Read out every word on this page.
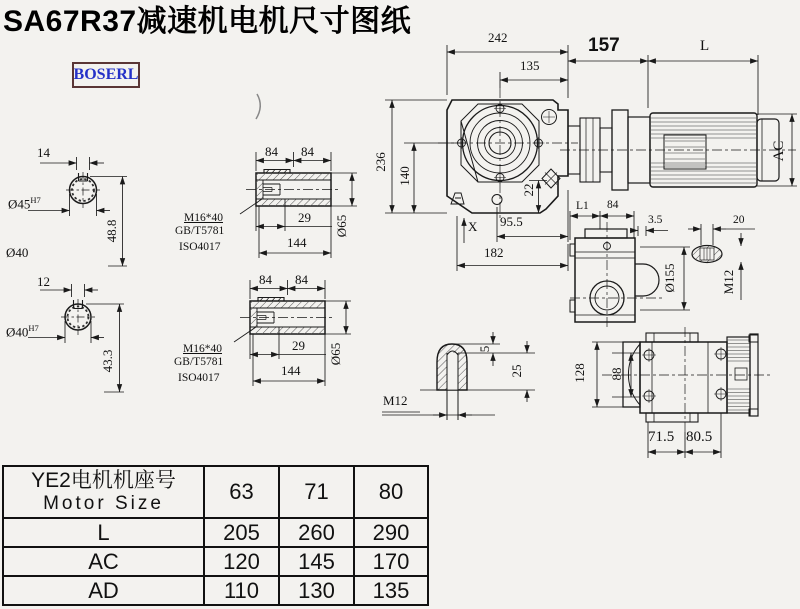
SA67R37减速机电机尺寸图纸
BOSERL
14
$Ø45^{H7}$
48.8
Ø40
12
$Ø40^{H7}$
43.3
84 84
M16*40
GB/T5781
ISO4017
29
144
Ø65
84 84
M16*40
GB/T5781
ISO4017
29
144
Ø65
242
135
236
140
22
X 95.5
182
157	L
AC
L1 84
3.5
Ø155
20
M12
M12
5
25	128 88
71.5 80.5
YE2电机机座号
Motor Size	63	71	80
L	205	260	290
AC	120	145	170
AD	110	130	135
